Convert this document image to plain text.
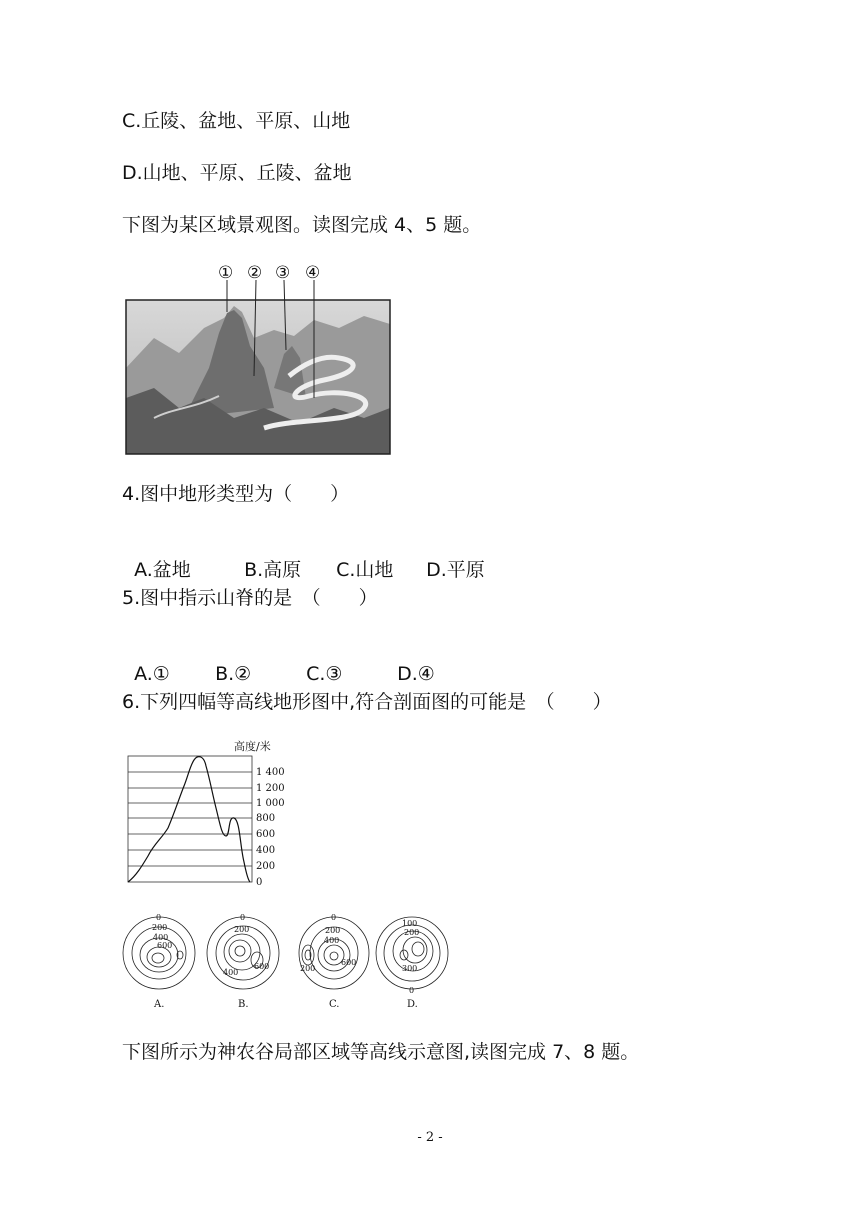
C.丘陵、盆地、平原、山地
D.山地、平原、丘陵、盆地
下图为某区域景观图。读图完成 4、5 题。
① ② ③ ④
4.图中地形类型为（　　）

A.盆地	B.高原 C.山地 D.平原

5.图中指示山脊的是　（　　）

A.① B.②	C.③	D.④

6.下列四幅等高线地形图中,符合剖面图的可能是　（　　）
高度/米
1 400
1 200
1 000
800
600
400
200
0
0
200
400
600
A.
0
200
400
600
B.
0
200
400
600
200
C.
100
200
300
0
D.
下图所示为神农谷局部区域等高线示意图,读图完成 7、8 题。
- 2 -
